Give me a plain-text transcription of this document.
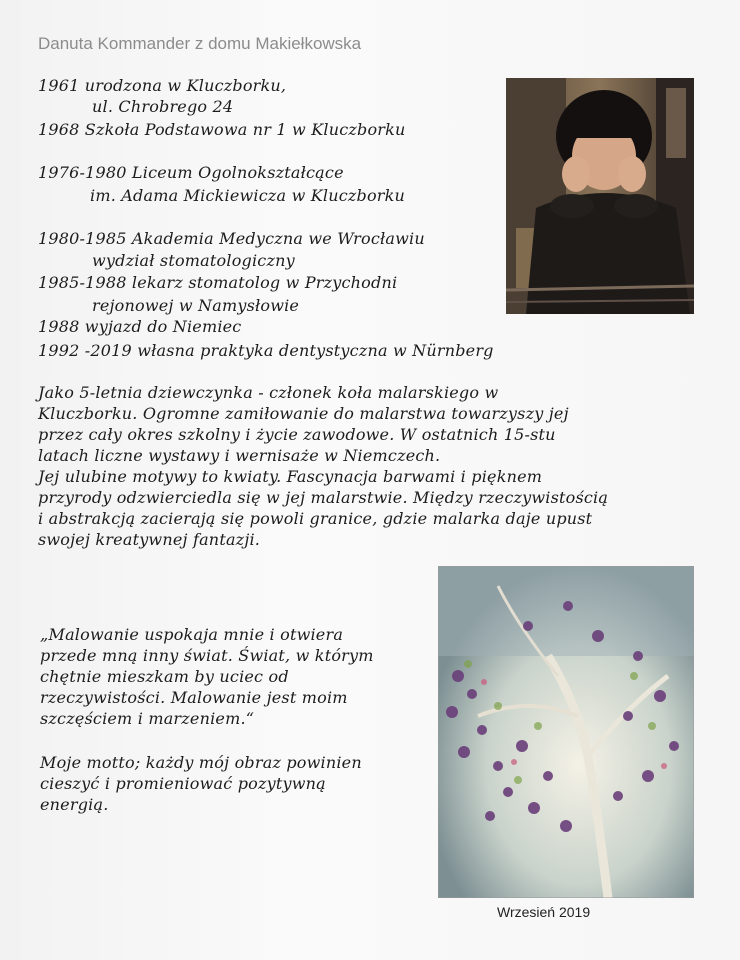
Danuta Kommander z domu Makiełkowska
1961 urodzona w Kluczborku,
ul. Chrobrego 24
1968 Szkoła Podstawowa nr 1 w Kluczborku
1976-1980 Liceum Ogolnokształcące
im. Adama Mickiewicza w Kluczborku
1980-1985 Akademia Medyczna we Wrocławiu
wydział stomatologiczny
1985-1988 lekarz stomatolog w Przychodni
rejonowej w Namysłowie
1988 wyjazd do Niemiec
1992 -2019 własna praktyka dentystyczna w Nürnberg

Jako 5-letnia dziewczynka - członek koła malarskiego w

Kluczborku. Ogromne zamiłowanie do malarstwa towarzyszy jej

przez cały okres szkolny i życie zawodowe. W ostatnich 15-stu

latach liczne wystawy i wernisaże w Niemczech.

Jej ulubine motywy to kwiaty. Fascynacja barwami i pięknem

przyrody odzwierciedla się w jej malarstwie. Między rzeczywistością

i abstrakcją zacierają się powoli granice, gdzie malarka daje upust

swojej kreatywnej fantazji.

„Malowanie uspokaja mnie i otwiera

przede mną inny świat. Świat, w którym

chętnie mieszkam by uciec od

rzeczywistości. Malowanie jest moim

szczęściem i marzeniem.“

Moje motto; każdy mój obraz powinien

cieszyć i promieniować pozytywną

energią.

Wrzesień 2019
